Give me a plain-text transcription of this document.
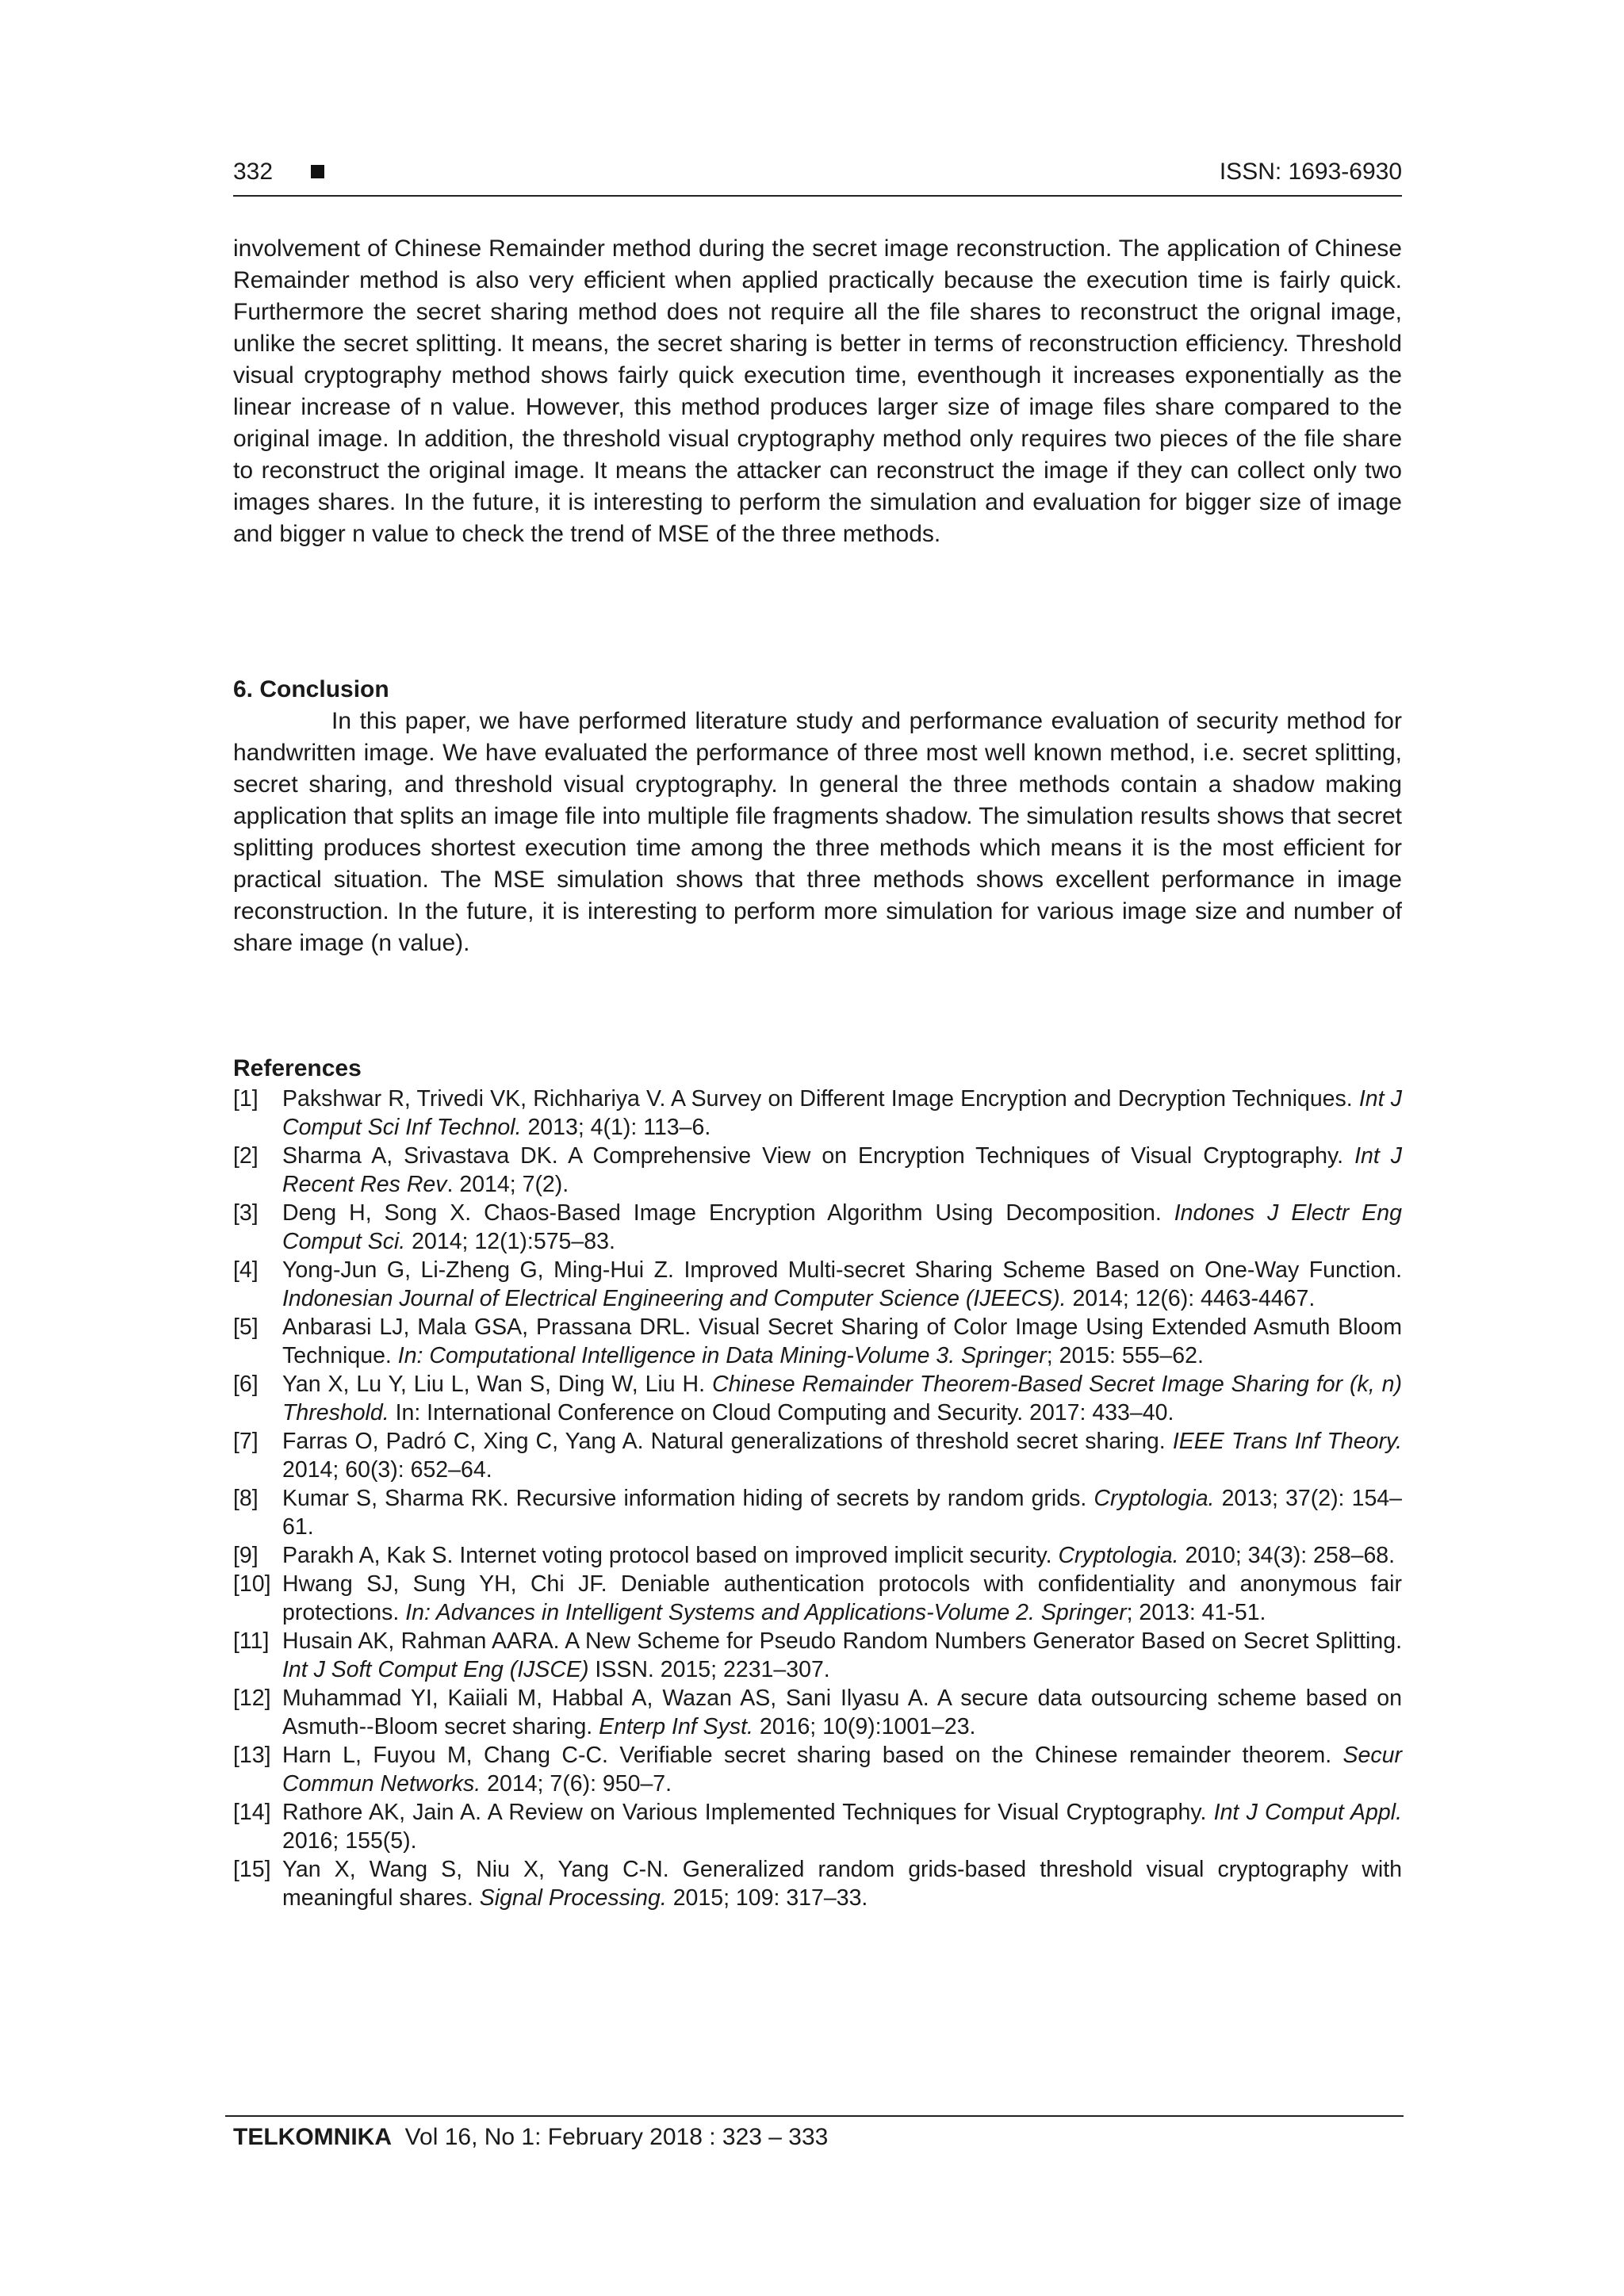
332	ISSN: 1693-6930

involvement of Chinese Remainder method during the secret image reconstruction. The application of Chinese Remainder method is also very efficient when applied practically because the execution time is fairly quick. Furthermore the secret sharing method does not require all the file shares to reconstruct the orignal image, unlike the secret splitting. It means, the secret sharing is better in terms of reconstruction efficiency. Threshold visual cryptography method shows fairly quick execution time, eventhough it increases exponentially as the linear increase of n value. However, this method produces larger size of image files share compared to the original image. In addition, the threshold visual cryptography method only requires two pieces of the file share to reconstruct the original image. It means the attacker can reconstruct the image if they can collect only two images shares. In the future, it is interesting to perform the simulation and evaluation for bigger size of image and bigger n value to check the trend of MSE of the three methods.

6. Conclusion

In this paper, we have performed literature study and performance evaluation of security method for handwritten image. We have evaluated the performance of three most well known method, i.e. secret splitting, secret sharing, and threshold visual cryptography. In general the three methods contain a shadow making application that splits an image file into multiple file fragments shadow. The simulation results shows that secret splitting produces shortest execution time among the three methods which means it is the most efficient for practical situation. The MSE simulation shows that three methods shows excellent performance in image reconstruction. In the future, it is interesting to perform more simulation for various image size and number of share image (n value).

References
[1]	Pakshwar R, Trivedi VK, Richhariya V. A Survey on Different Image Encryption and Decryption Techniques. Int J Comput Sci Inf Technol. 2013; 4(1): 113–6.
[2]	Sharma A, Srivastava DK. A Comprehensive View on Encryption Techniques of Visual Cryptography. Int J Recent Res Rev. 2014; 7(2).
[3]	Deng H, Song X. Chaos-Based Image Encryption Algorithm Using Decomposition. Indones J Electr Eng Comput Sci. 2014; 12(1):575–83.
[4]	Yong-Jun G, Li-Zheng G, Ming-Hui Z. Improved Multi-secret Sharing Scheme Based on One-Way Function. Indonesian Journal of Electrical Engineering and Computer Science (IJEECS). 2014; 12(6): 4463-4467.
[5]	Anbarasi LJ, Mala GSA, Prassana DRL. Visual Secret Sharing of Color Image Using Extended Asmuth Bloom Technique. In: Computational Intelligence in Data Mining-Volume 3. Springer; 2015: 555–62.
[6]	Yan X, Lu Y, Liu L, Wan S, Ding W, Liu H. Chinese Remainder Theorem-Based Secret Image Sharing for (k, n) Threshold. In: International Conference on Cloud Computing and Security. 2017: 433–40.
[7]	Farras O, Padró C, Xing C, Yang A. Natural generalizations of threshold secret sharing. IEEE Trans Inf Theory. 2014; 60(3): 652–64.
[8]	Kumar S, Sharma RK. Recursive information hiding of secrets by random grids. Cryptologia. 2013; 37(2): 154–61.
[9]	Parakh A, Kak S. Internet voting protocol based on improved implicit security. Cryptologia. 2010; 34(3): 258–68.
[10] Hwang SJ, Sung YH, Chi JF. Deniable authentication protocols with confidentiality and anonymous fair protections. In: Advances in Intelligent Systems and Applications-Volume 2. Springer; 2013: 41-51.
[11] Husain AK, Rahman AARA. A New Scheme for Pseudo Random Numbers Generator Based on Secret Splitting. Int J Soft Comput Eng (IJSCE) ISSN. 2015; 2231–307.
[12] Muhammad YI, Kaiiali M, Habbal A, Wazan AS, Sani Ilyasu A. A secure data outsourcing scheme based on Asmuth--Bloom secret sharing. Enterp Inf Syst. 2016; 10(9):1001–23.
[13] Harn L, Fuyou M, Chang C-C. Verifiable secret sharing based on the Chinese remainder theorem. Secur Commun Networks. 2014; 7(6): 950–7.
[14] Rathore AK, Jain A. A Review on Various Implemented Techniques for Visual Cryptography. Int J Comput Appl. 2016; 155(5).
[15] Yan X, Wang S, Niu X, Yang C-N. Generalized random grids-based threshold visual cryptography with meaningful shares. Signal Processing. 2015; 109: 317–33.
TELKOMNIKA  Vol 16, No 1: February 2018 : 323 – 333
